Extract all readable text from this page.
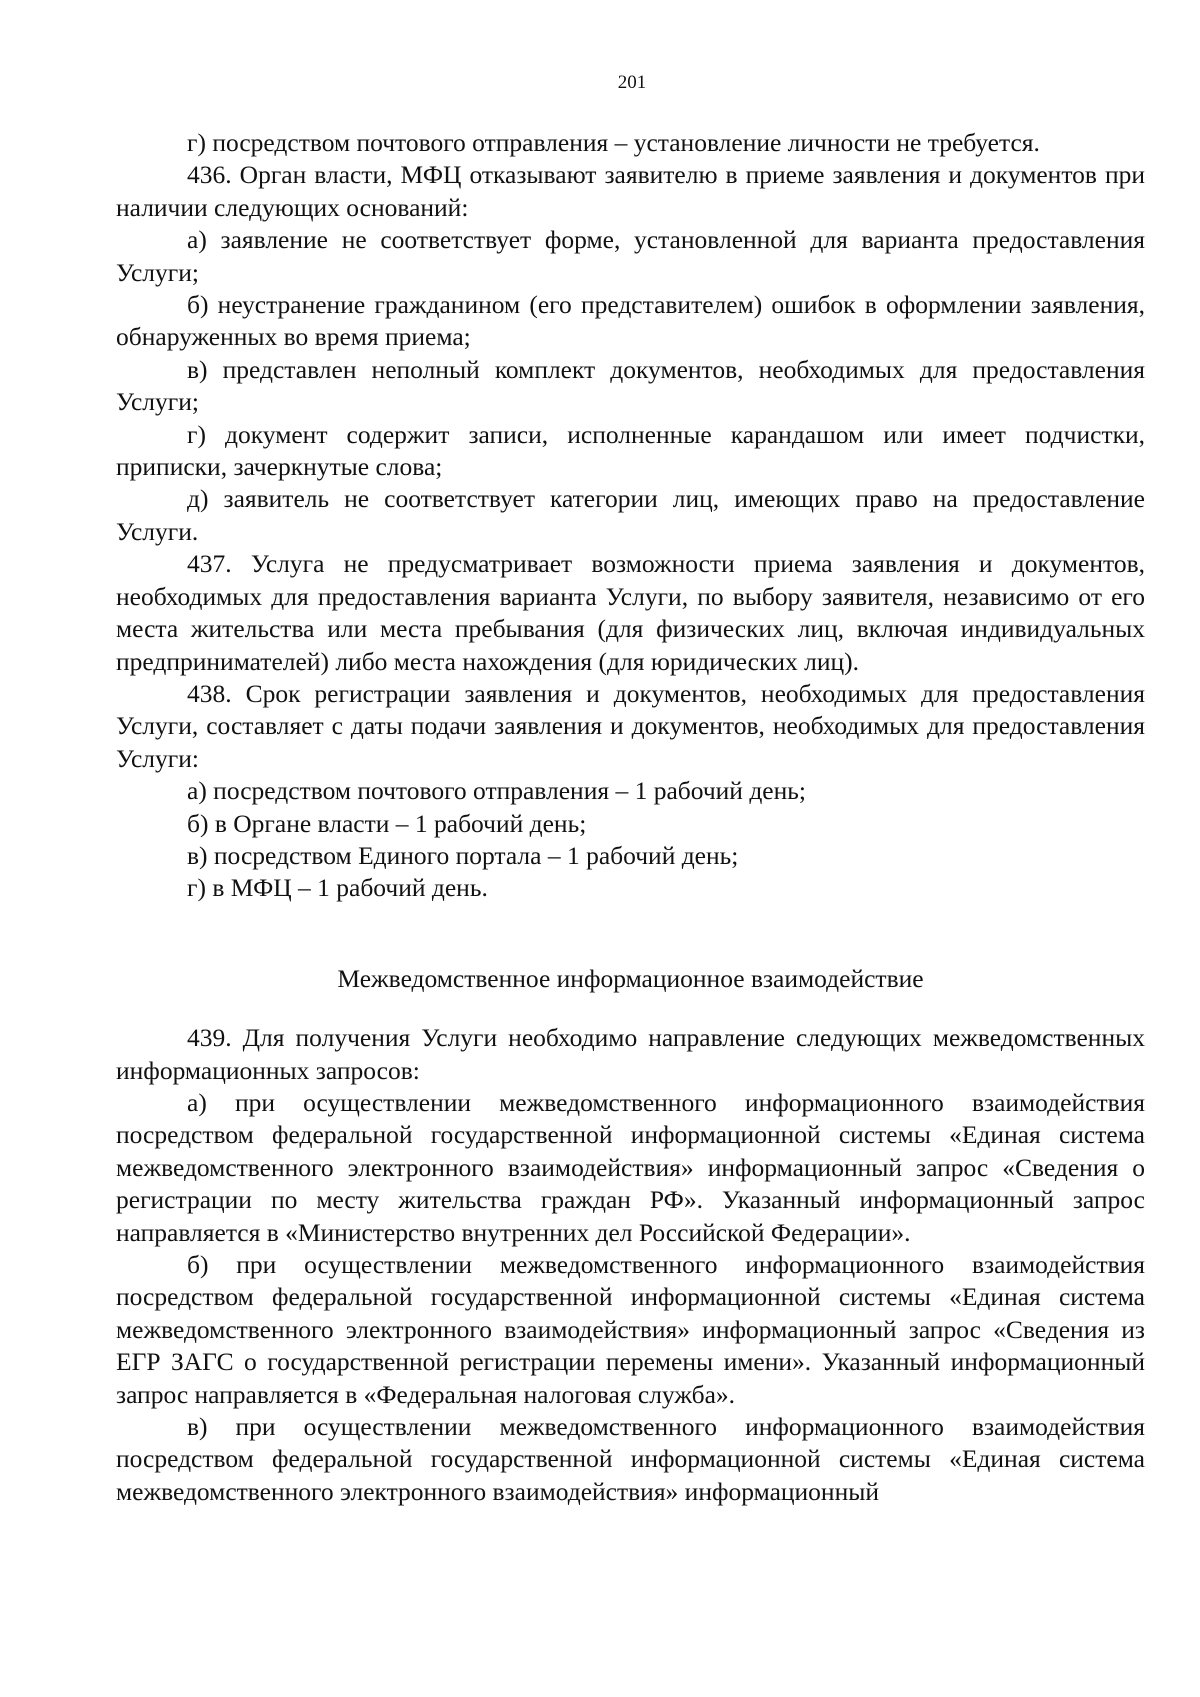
201

г) посредством почтового отправления – установление личности не требуется.

436. Орган власти, МФЦ отказывают заявителю в приеме заявления и документов при наличии следующих оснований:

а) заявление не соответствует форме, установленной для варианта предоставления Услуги;

б) неустранение гражданином (его представителем) ошибок в оформлении заявления, обнаруженных во время приема;

в) представлен неполный комплект документов, необходимых для предоставления Услуги;

г) документ содержит записи, исполненные карандашом или имеет подчистки, приписки, зачеркнутые слова;

д) заявитель не соответствует категории лиц, имеющих право на предоставление Услуги.

437. Услуга не предусматривает возможности приема заявления и документов, необходимых для предоставления варианта Услуги, по выбору заявителя, независимо от его места жительства или места пребывания (для физических лиц, включая индивидуальных предпринимателей) либо места нахождения (для юридических лиц).

438. Срок регистрации заявления и документов, необходимых для предоставления Услуги, составляет с даты подачи заявления и документов, необходимых для предоставления Услуги:

а) посредством почтового отправления – 1 рабочий день;

б) в Органе власти – 1 рабочий день;

в) посредством Единого портала – 1 рабочий день;

г) в МФЦ – 1 рабочий день.

Межведомственное информационное взаимодействие

439. Для получения Услуги необходимо направление следующих межведомственных информационных запросов:

а) при осуществлении межведомственного информационного взаимодействия посредством федеральной государственной информационной системы «Единая система межведомственного электронного взаимодействия» информационный запрос «Сведения о регистрации по месту жительства граждан РФ». Указанный информационный запрос направляется в «Министерство внутренних дел Российской Федерации».

б) при осуществлении межведомственного информационного взаимодействия посредством федеральной государственной информационной системы «Единая система межведомственного электронного взаимодействия» информационный запрос «Сведения из ЕГР ЗАГС о государственной регистрации перемены имени». Указанный информационный запрос направляется в «Федеральная налоговая служба».

в) при осуществлении межведомственного информационного взаимодействия посредством федеральной государственной информационной системы «Единая система межведомственного электронного взаимодействия» информационный
